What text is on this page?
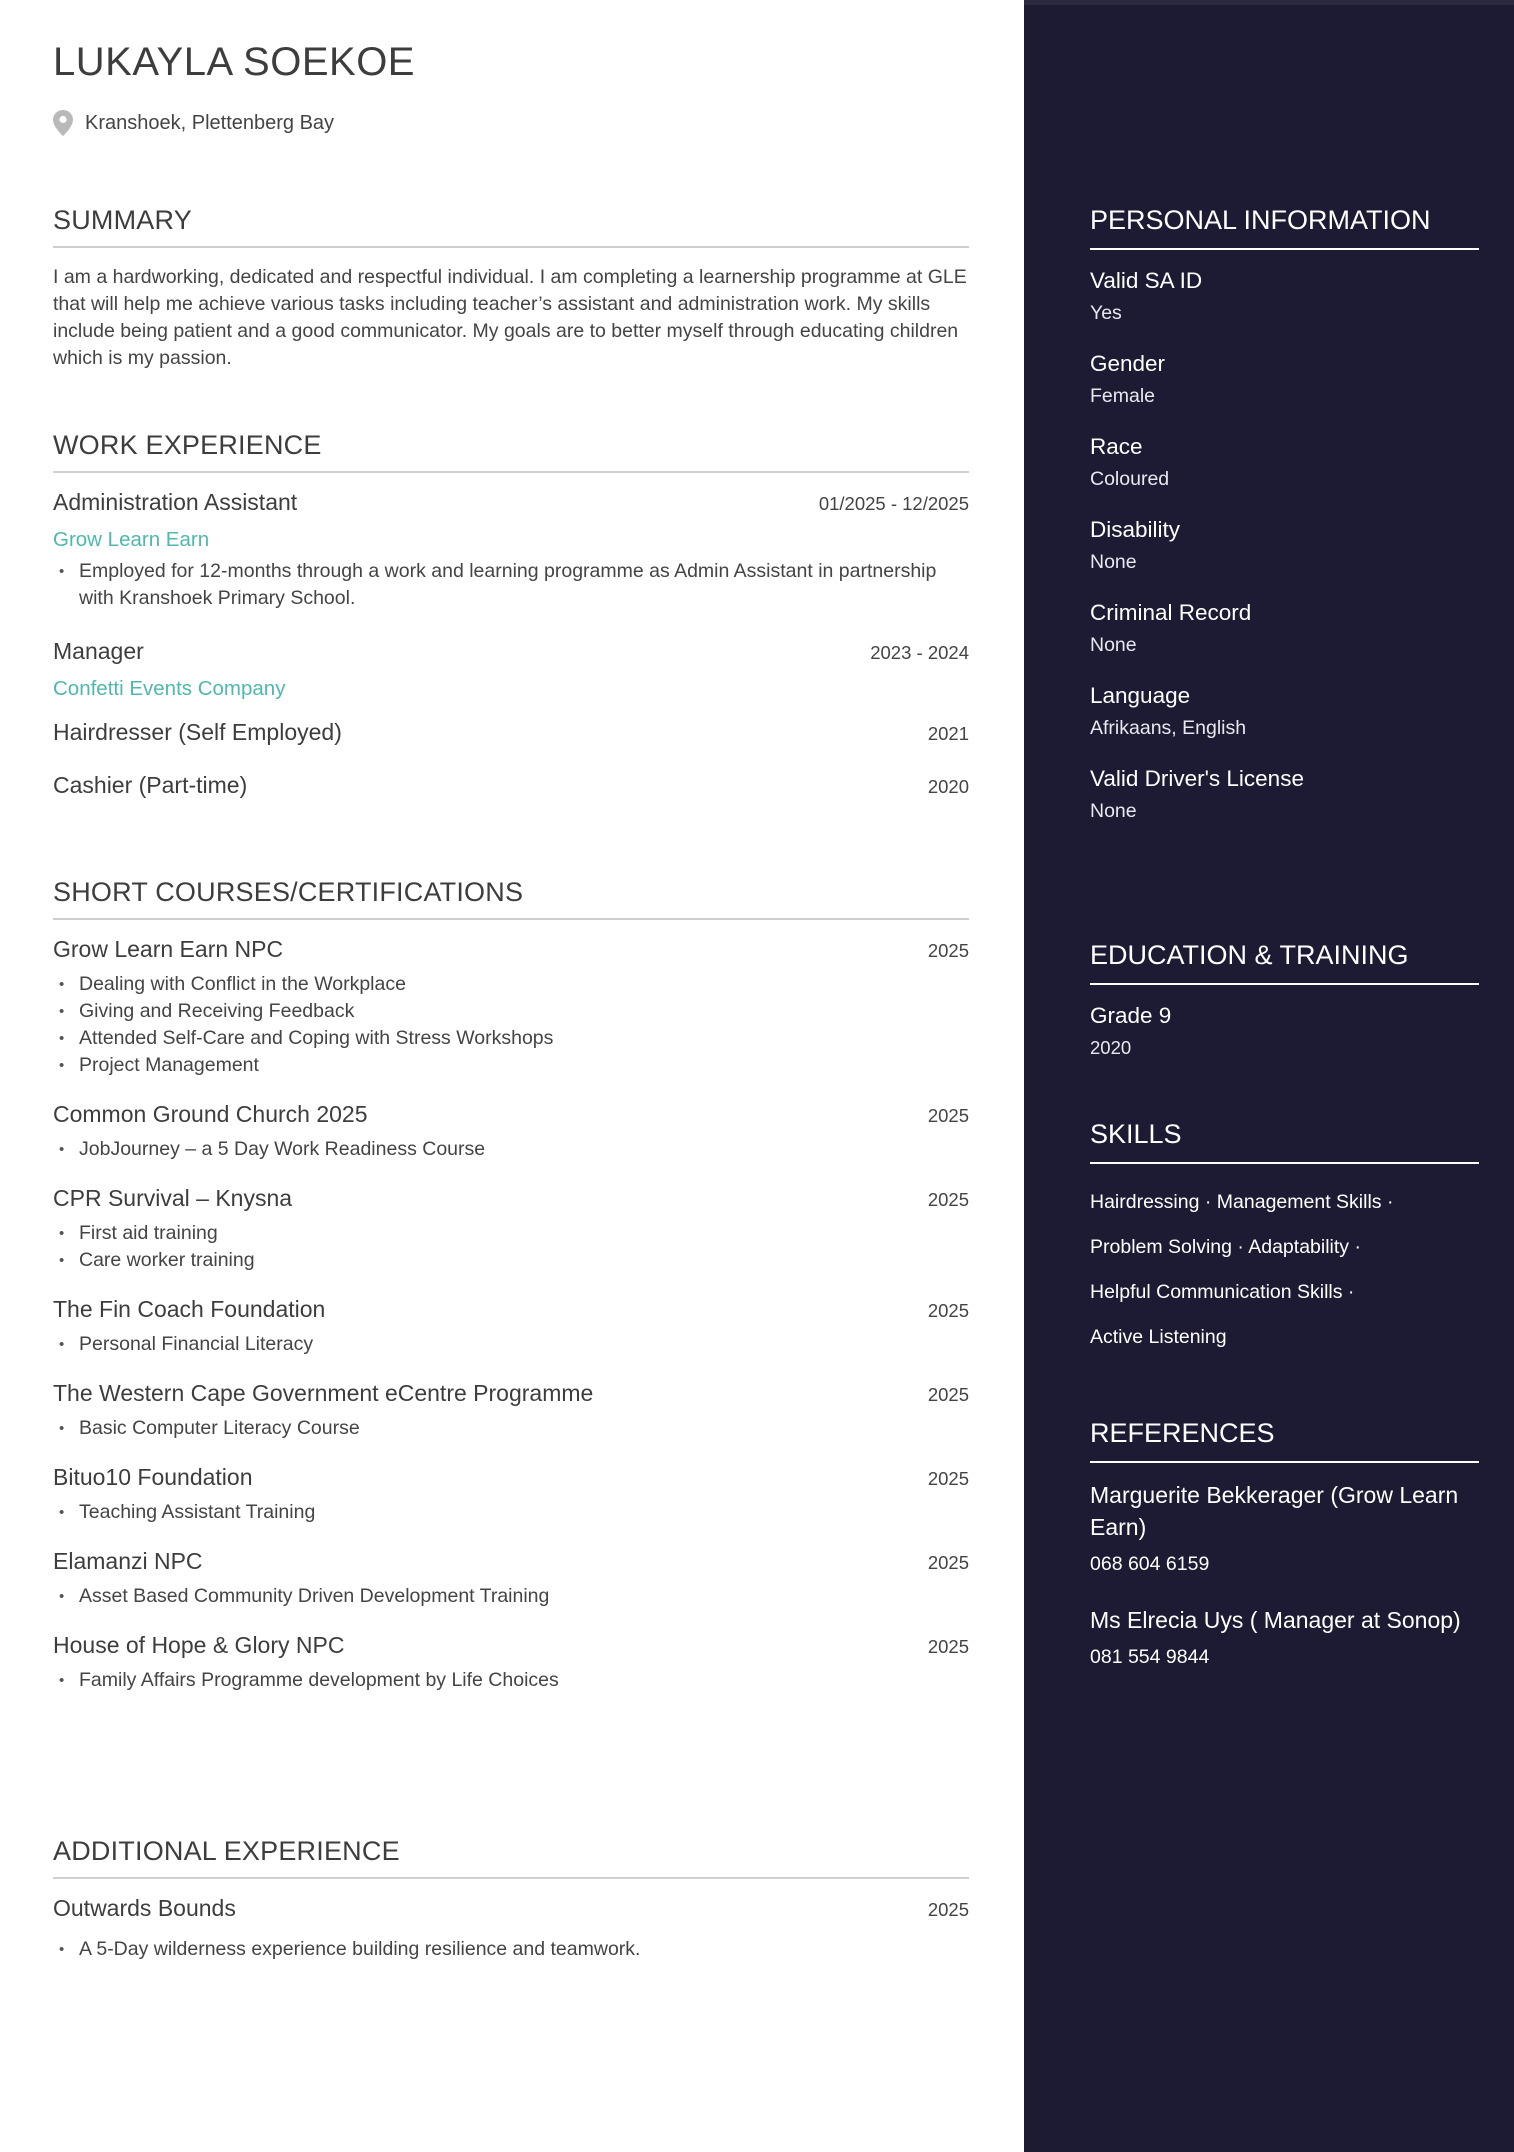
LUKAYLA SOEKOE
Kranshoek, Plettenberg Bay
SUMMARY
I am a hardworking, dedicated and respectful individual. I am completing a learnership programme at GLE that will help me achieve various tasks including teacher’s assistant and administration work. My skills include being patient and a good communicator. My goals are to better myself through educating children which is my passion.
WORK EXPERIENCE
Administration Assistant	01/2025 - 12/2025
Grow Learn Earn
• Employed for 12-months through a work and learning programme as Admin Assistant in partnership with Kranshoek Primary School.
Manager	2023 - 2024
Confetti Events Company
Hairdresser (Self Employed)	2021
Cashier (Part-time)	2020
SHORT COURSES/CERTIFICATIONS
Grow Learn Earn NPC	2025
• Dealing with Conflict in the Workplace
• Giving and Receiving Feedback
• Attended Self-Care and Coping with Stress Workshops
• Project Management
Common Ground Church 2025	2025
• JobJourney – a 5 Day Work Readiness Course
CPR Survival – Knysna	2025
• First aid training
• Care worker training
The Fin Coach Foundation	2025
• Personal Financial Literacy
The Western Cape Government eCentre Programme	2025
• Basic Computer Literacy Course
Bituo10 Foundation	2025
• Teaching Assistant Training
Elamanzi NPC	2025
• Asset Based Community Driven Development Training
House of Hope & Glory NPC	2025
• Family Affairs Programme development by Life Choices
ADDITIONAL EXPERIENCE
Outwards Bounds	2025
• A 5-Day wilderness experience building resilience and teamwork.
PERSONAL INFORMATION
Valid SA ID
Yes
Gender
Female
Race
Coloured
Disability
None
Criminal Record
None
Language
Afrikaans, English
Valid Driver's License
None
EDUCATION & TRAINING
Grade 9
2020
SKILLS
Hairdressing · Management Skills ·
Problem Solving · Adaptability ·
Helpful Communication Skills ·
Active Listening
REFERENCES
Marguerite Bekkerager (Grow Learn Earn)
068 604 6159
Ms Elrecia Uys ( Manager at Sonop)
081 554 9844
